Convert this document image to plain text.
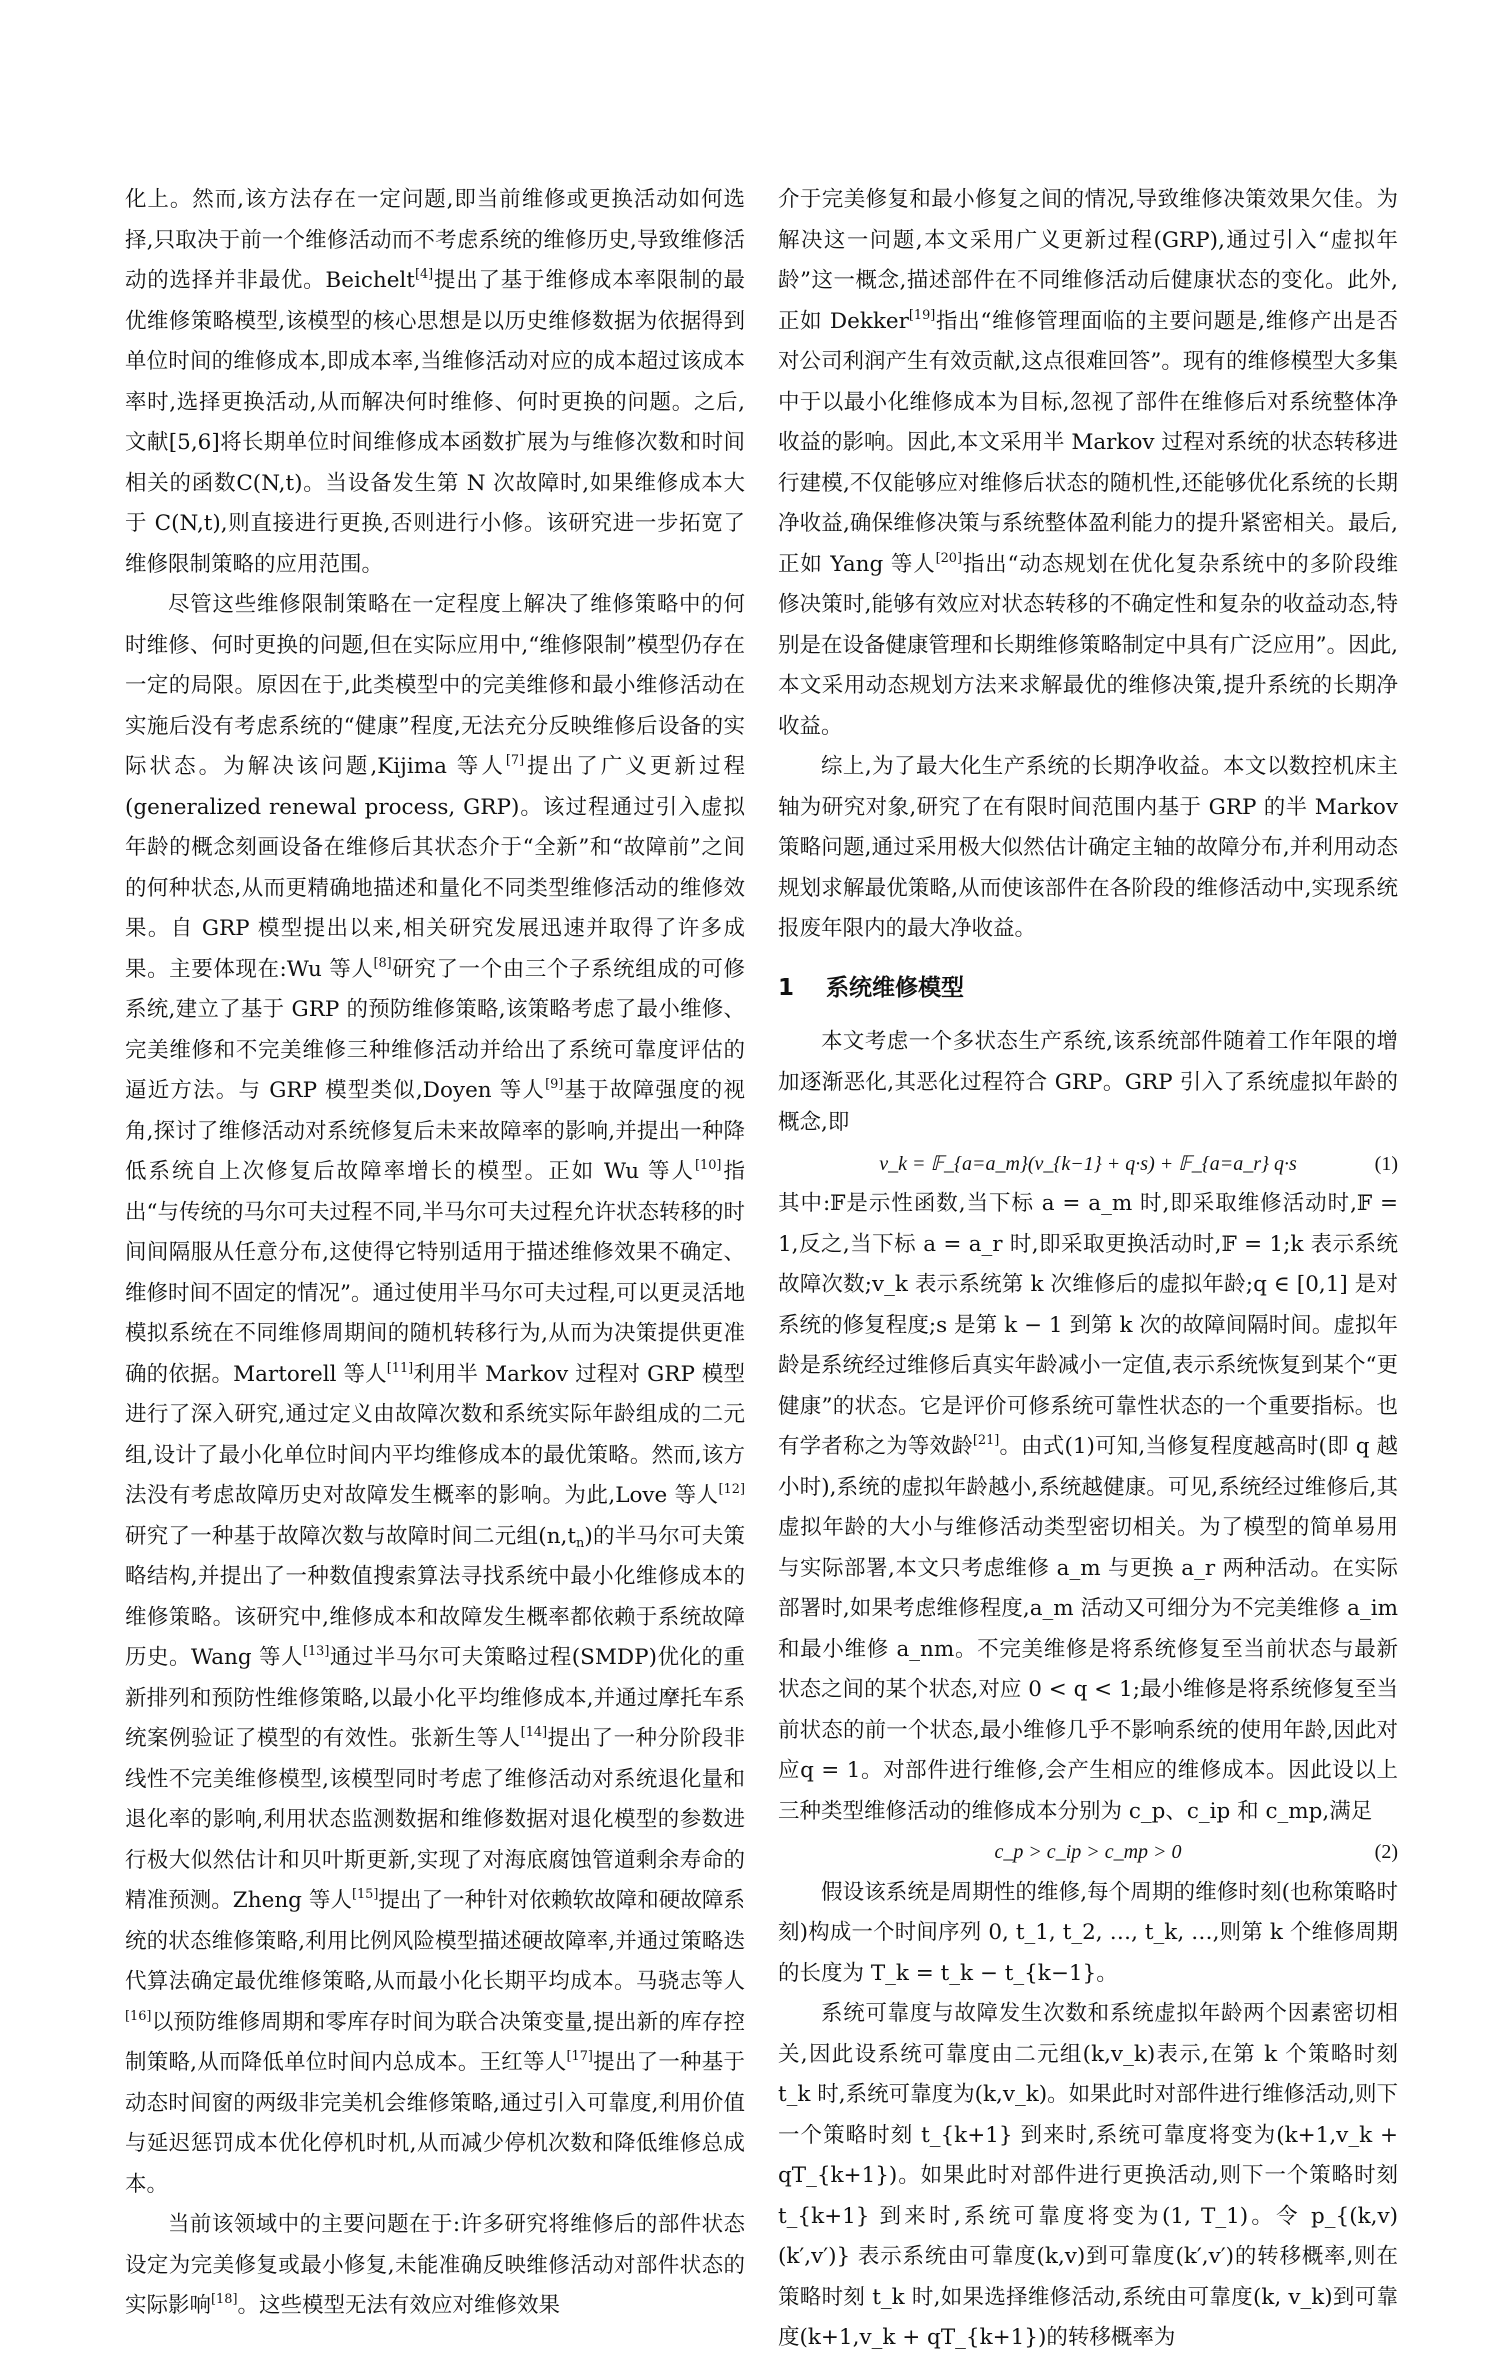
化上。然而,该方法存在一定问题,即当前维修或更换活动如何选择,只取决于前一个维修活动而不考虑系统的维修历史,导致维修活动的选择并非最优。Beichelt[4]提出了基于维修成本率限制的最优维修策略模型,该模型的核心思想是以历史维修数据为依据得到单位时间的维修成本,即成本率,当维修活动对应的成本超过该成本率时,选择更换活动,从而解决何时维修、何时更换的问题。之后,文献[5,6]将长期单位时间维修成本函数扩展为与维修次数和时间相关的函数C(N,t)。当设备发生第 N 次故障时,如果维修成本大于 C(N,t),则直接进行更换,否则进行小修。该研究进一步拓宽了维修限制策略的应用范围。

尽管这些维修限制策略在一定程度上解决了维修策略中的何时维修、何时更换的问题,但在实际应用中,“维修限制”模型仍存在一定的局限。原因在于,此类模型中的完美维修和最小维修活动在实施后没有考虑系统的“健康”程度,无法充分反映维修后设备的实际状态。为解决该问题,Kijima 等人[7]提出了广义更新过程(generalized renewal process, GRP)。该过程通过引入虚拟年龄的概念刻画设备在维修后其状态介于“全新”和“故障前”之间的何种状态,从而更精确地描述和量化不同类型维修活动的维修效果。自 GRP 模型提出以来,相关研究发展迅速并取得了许多成果。主要体现在:Wu 等人[8]研究了一个由三个子系统组成的可修系统,建立了基于 GRP 的预防维修策略,该策略考虑了最小维修、完美维修和不完美维修三种维修活动并给出了系统可靠度评估的逼近方法。与 GRP 模型类似,Doyen 等人[9]基于故障强度的视角,探讨了维修活动对系统修复后未来故障率的影响,并提出一种降低系统自上次修复后故障率增长的模型。正如 Wu 等人[10]指出“与传统的马尔可夫过程不同,半马尔可夫过程允许状态转移的时间间隔服从任意分布,这使得它特别适用于描述维修效果不确定、维修时间不固定的情况”。通过使用半马尔可夫过程,可以更灵活地模拟系统在不同维修周期间的随机转移行为,从而为决策提供更准确的依据。Martorell 等人[11]利用半 Markov 过程对 GRP 模型进行了深入研究,通过定义由故障次数和系统实际年龄组成的二元组,设计了最小化单位时间内平均维修成本的最优策略。然而,该方法没有考虑故障历史对故障发生概率的影响。为此,Love 等人[12]研究了一种基于故障次数与故障时间二元组$(n,t_n)$的半马尔可夫策略结构,并提出了一种数值搜索算法寻找系统中最小化维修成本的维修策略。该研究中,维修成本和故障发生概率都依赖于系统故障历史。Wang 等人[13]通过半马尔可夫策略过程(SMDP)优化的重新排列和预防性维修策略,以最小化平均维修成本,并通过摩托车系统案例验证了模型的有效性。张新生等人[14]提出了一种分阶段非线性不完美维修模型,该模型同时考虑了维修活动对系统退化量和退化率的影响,利用状态监测数据和维修数据对退化模型的参数进行极大似然估计和贝叶斯更新,实现了对海底腐蚀管道剩余寿命的精准预测。Zheng 等人[15]提出了一种针对依赖软故障和硬故障系统的状态维修策略,利用比例风险模型描述硬故障率,并通过策略迭代算法确定最优维修策略,从而最小化长期平均成本。马骁志等人[16]以预防维修周期和零库存时间为联合决策变量,提出新的库存控制策略,从而降低单位时间内总成本。王红等人[17]提出了一种基于动态时间窗的两级非完美机会维修策略,通过引入可靠度,利用价值与延迟惩罚成本优化停机时机,从而减少停机次数和降低维修总成本。

当前该领域中的主要问题在于:许多研究将维修后的部件状态设定为完美修复或最小修复,未能准确反映维修活动对部件状态的实际影响[18]。这些模型无法有效应对维修效果

介于完美修复和最小修复之间的情况,导致维修决策效果欠佳。为解决这一问题,本文采用广义更新过程(GRP),通过引入“虚拟年龄”这一概念,描述部件在不同维修活动后健康状态的变化。此外,正如 Dekker[19]指出“维修管理面临的主要问题是,维修产出是否对公司利润产生有效贡献,这点很难回答”。现有的维修模型大多集中于以最小化维修成本为目标,忽视了部件在维修后对系统整体净收益的影响。因此,本文采用半 Markov 过程对系统的状态转移进行建模,不仅能够应对维修后状态的随机性,还能够优化系统的长期净收益,确保维修决策与系统整体盈利能力的提升紧密相关。最后,正如 Yang 等人[20]指出“动态规划在优化复杂系统中的多阶段维修决策时,能够有效应对状态转移的不确定性和复杂的收益动态,特别是在设备健康管理和长期维修策略制定中具有广泛应用”。因此,本文采用动态规划方法来求解最优的维修决策,提升系统的长期净收益。

综上,为了最大化生产系统的长期净收益。本文以数控机床主轴为研究对象,研究了在有限时间范围内基于 GRP 的半 Markov 策略问题,通过采用极大似然估计确定主轴的故障分布,并利用动态规划求解最优策略,从而使该部件在各阶段的维修活动中,实现系统报废年限内的最大净收益。

1 系统维修模型

本文考虑一个多状态生产系统,该系统部件随着工作年限的增加逐渐恶化,其恶化过程符合 GRP。GRP 引入了系统虚拟年龄的概念,即

v_k = 𝔽_{a=a_m}(v_{k−1} + q·s) + 𝔽_{a=a_r} q·s	(1)

其中:𝔽是示性函数,当下标 a = a_m 时,即采取维修活动时,𝔽 = 1,反之,当下标 a = a_r 时,即采取更换活动时,𝔽 = 1;k 表示系统故障次数;v_k 表示系统第 k 次维修后的虚拟年龄;q ∈ [0,1] 是对系统的修复程度;s 是第 k − 1 到第 k 次的故障间隔时间。虚拟年龄是系统经过维修后真实年龄减小一定值,表示系统恢复到某个“更健康”的状态。它是评价可修系统可靠性状态的一个重要指标。也有学者称之为等效龄[21]。由式(1)可知,当修复程度越高时(即 q 越小时),系统的虚拟年龄越小,系统越健康。可见,系统经过维修后,其虚拟年龄的大小与维修活动类型密切相关。为了模型的简单易用与实际部署,本文只考虑维修 a_m 与更换 a_r 两种活动。在实际部署时,如果考虑维修程度,a_m 活动又可细分为不完美维修 a_im 和最小维修 a_nm。不完美维修是将系统修复至当前状态与最新状态之间的某个状态,对应 0 < q < 1;最小维修是将系统修复至当前状态的前一个状态,最小维修几乎不影响系统的使用年龄,因此对应q = 1。对部件进行维修,会产生相应的维修成本。因此设以上三种类型维修活动的维修成本分别为 c_p、c_ip 和 c_mp,满足

c_p > c_ip > c_mp > 0	(2)

假设该系统是周期性的维修,每个周期的维修时刻(也称策略时刻)构成一个时间序列 0, t_1, t_2, …, t_k, …,则第 k 个维修周期的长度为 T_k = t_k − t_{k−1}。

系统可靠度与故障发生次数和系统虚拟年龄两个因素密切相关,因此设系统可靠度由二元组(k,v_k)表示,在第 k 个策略时刻 t_k 时,系统可靠度为(k,v_k)。如果此时对部件进行维修活动,则下一个策略时刻 t_{k+1} 到来时,系统可靠度将变为(k+1,v_k + qT_{k+1})。如果此时对部件进行更换活动,则下一个策略时刻 t_{k+1} 到来时,系统可靠度将变为(1, T_1)。令 p_{(k,v)(k′,v′)} 表示系统由可靠度(k,v)到可靠度(k′,v′)的转移概率,则在策略时刻 t_k 时,如果选择维修活动,系统由可靠度(k, v_k)到可靠度(k+1,v_k + qT_{k+1})的转移概率为
